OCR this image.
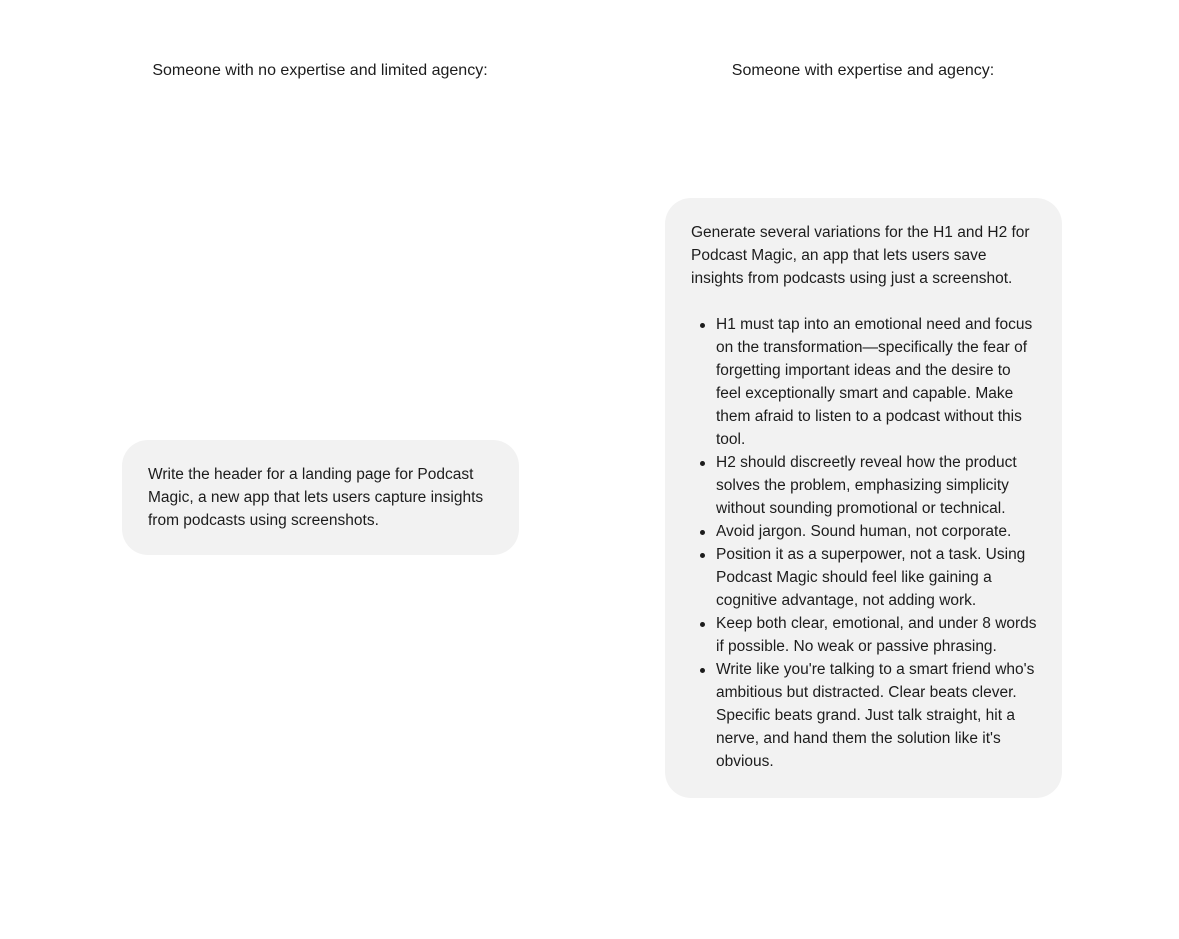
Someone with no expertise and limited agency:	Someone with expertise and agency:
Write the header for a landing page for Podcast Magic, a new app that lets users capture insights from podcasts using screenshots.

Generate several variations for the H1 and H2 for Podcast Magic, an app that lets users save insights from podcasts using just a screenshot.

H1 must tap into an emotional need and focus on the transformation—specifically the fear of forgetting important ideas and the desire to feel exceptionally smart and capable. Make them afraid to listen to a podcast without this tool.
H2 should discreetly reveal how the product solves the problem, emphasizing simplicity without sounding promotional or technical.
Avoid jargon. Sound human, not corporate.
Position it as a superpower, not a task. Using Podcast Magic should feel like gaining a cognitive advantage, not adding work.
Keep both clear, emotional, and under 8 words if possible. No weak or passive phrasing.
Write like you're talking to a smart friend who's ambitious but distracted. Clear beats clever. Specific beats grand. Just talk straight, hit a nerve, and hand them the solution like it's obvious.
